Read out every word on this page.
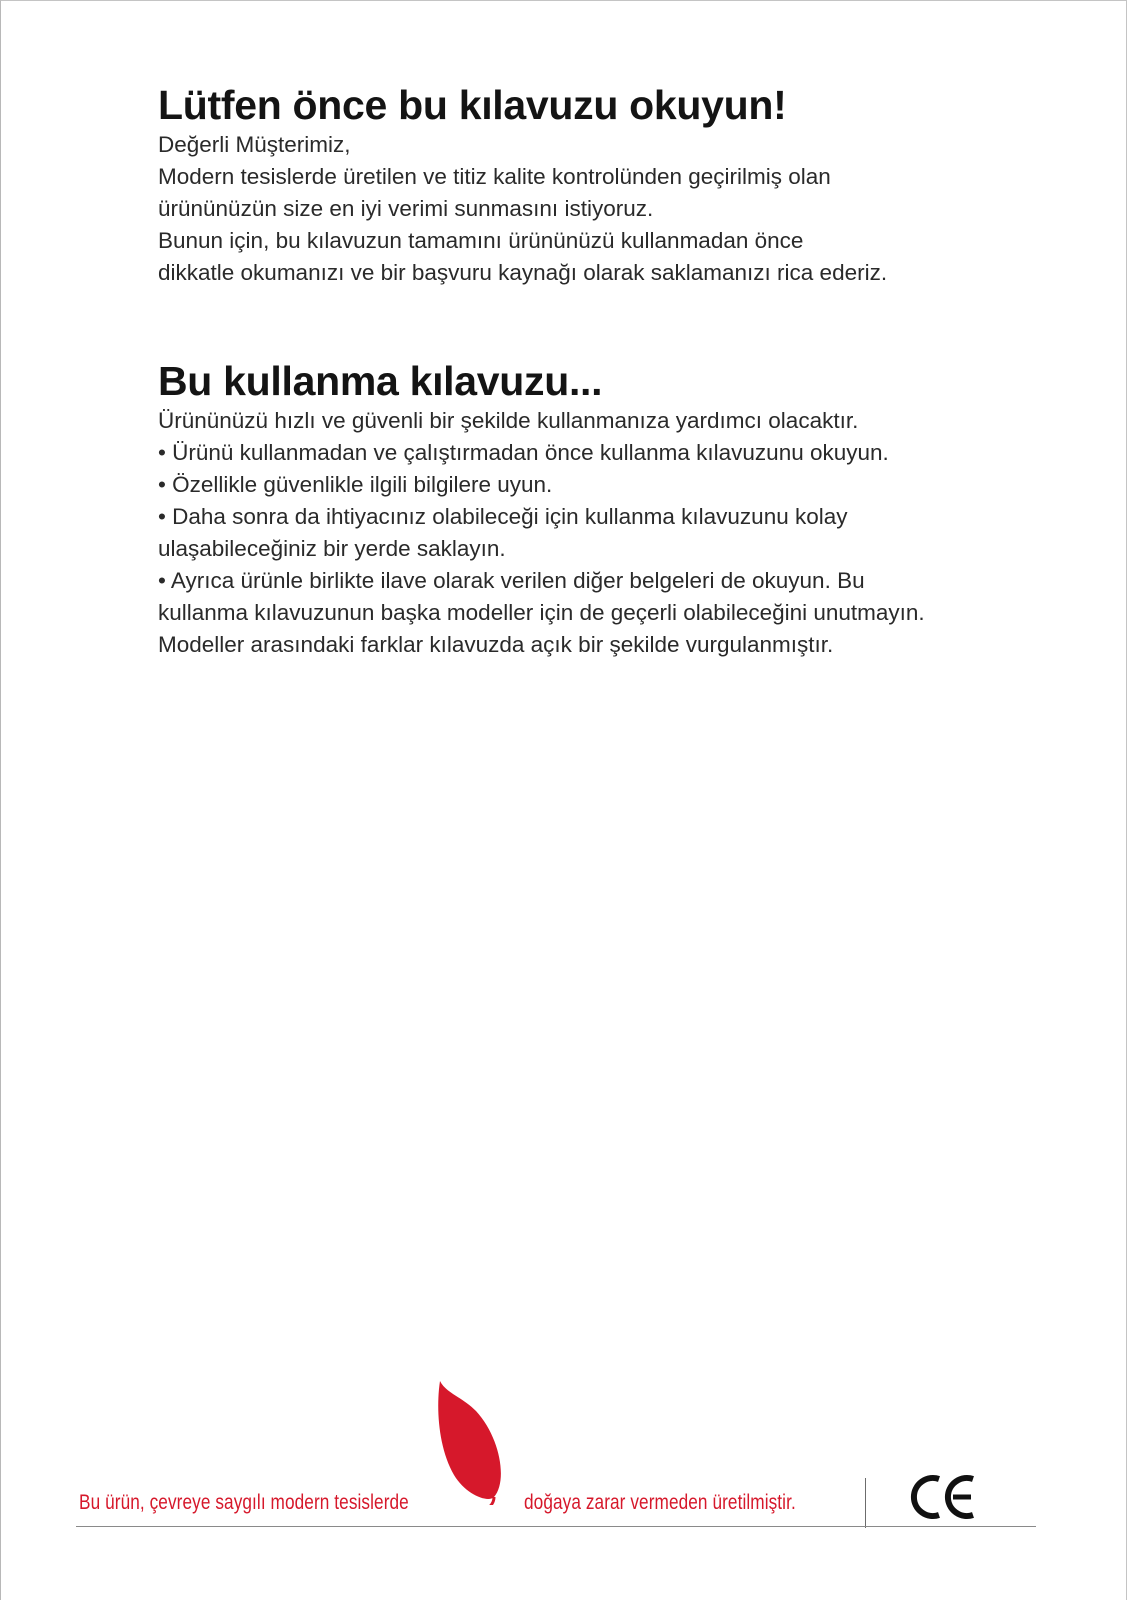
Lütfen önce bu kılavuzu okuyun!
Değerli Müşterimiz,
Modern tesislerde üretilen ve titiz kalite kontrolünden geçirilmiş olan
ürününüzün size en iyi verimi sunmasını istiyoruz.
Bunun için, bu kılavuzun tamamını ürününüzü kullanmadan önce
dikkatle okumanızı ve bir başvuru kaynağı olarak saklamanızı rica ederiz.
Bu kullanma kılavuzu...
Ürününüzü hızlı ve güvenli bir şekilde kullanmanıza yardımcı olacaktır.
• Ürünü kullanmadan ve çalıştırmadan önce kullanma kılavuzunu okuyun.
• Özellikle güvenlikle ilgili bilgilere uyun.
• Daha sonra da ihtiyacınız olabileceği için kullanma kılavuzunu kolay
ulaşabileceğiniz bir yerde saklayın.
• Ayrıca ürünle birlikte ilave olarak verilen diğer belgeleri de okuyun. Bu
kullanma kılavuzunun başka modeller için de geçerli olabileceğini unutmayın.
Modeller arasındaki farklar kılavuzda açık bir şekilde vurgulanmıştır.
Bu ürün, çevreye saygılı modern tesislerde	doğaya zarar vermeden üretilmiştir.
